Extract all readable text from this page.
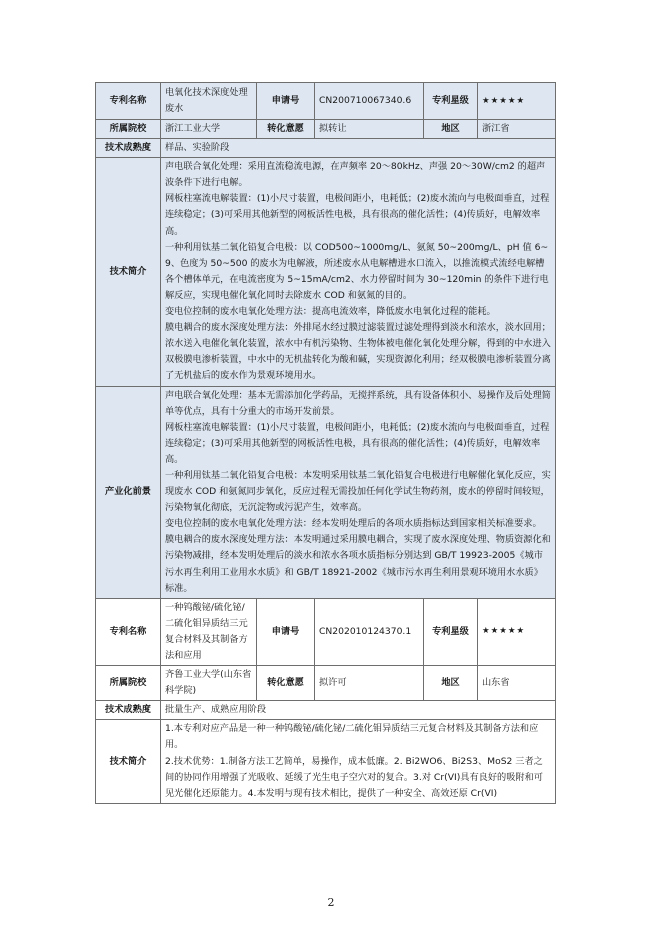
专利名称	电氧化技术深度处理废水	申请号	CN200710067340.6	专利星级	★★★★★
所属院校	浙江工业大学	转化意愿	拟转让	地区	浙江省
技术成熟度	样品、实验阶段				
技术简介	声电联合氧化处理：采用直流稳流电源，在声频率 20～80kHz、声强 20～30W/cm2 的超声波条件下进行电解。

网板柱塞流电解装置：(1)小尺寸装置，电极间距小，电耗低；(2)废水流向与电极面垂直，过程连续稳定；(3)可采用其他新型的网板活性电极，具有很高的催化活性；(4)传质好，电解效率高。

一种利用钛基二氧化铅复合电极：以 COD500~1000mg/L、氨氮 50~200mg/L、pH 值 6~9、色度为 50~500 的废水为电解液，所述废水从电解槽进水口流入，以推流模式流经电解槽各个槽体单元，在电流密度为 5~15mA/cm2、水力停留时间为 30~120min 的条件下进行电解反应，实现电催化氧化同时去除废水 COD 和氨氮的目的。

变电位控制的废水电氧化处理方法：提高电流效率，降低废水电氧化过程的能耗。

膜电耦合的废水深度处理方法：外排尾水经过膜过滤装置过滤处理得到淡水和浓水，淡水回用；浓水送入电催化氧化装置，浓水中有机污染物、生物体被电催化氧化处理分解，得到的中水进入双极膜电渗析装置，中水中的无机盐转化为酸和碱，实现资源化利用；经双极膜电渗析装置分离了无机盐后的废水作为景观环境用水。				

产业化前景	声电联合氧化处理：基本无需添加化学药品，无搅拌系统，具有设备体积小、易操作及后处理简单等优点，具有十分重大的市场开发前景。

网板柱塞流电解装置：(1)小尺寸装置，电极间距小，电耗低；(2)废水流向与电极面垂直，过程连续稳定；(3)可采用其他新型的网板活性电极，具有很高的催化活性；(4)传质好，电解效率高。

一种利用钛基二氧化铅复合电极：本发明采用钛基二氧化铅复合电极进行电解催化氧化反应，实现废水 COD 和氨氮同步氧化，反应过程无需投加任何化学试生物药剂，废水的停留时间较短，污染物氧化彻底，无沉淀物或污泥产生，效率高。

变电位控制的废水电氧化处理方法：经本发明处理后的各项水质指标达到国家相关标准要求。

膜电耦合的废水深度处理方法：本发明通过采用膜电耦合，实现了废水深度处理、物质资源化和污染物减排，经本发明处理后的淡水和浓水各项水质指标分别达到 GB/T 19923-2005《城市污水再生利用工业用水水质》和 GB/T 18921-2002《城市污水再生利用景观环境用水水质》标准。				

专利名称	一种钨酸铋/硫化铋/二硫化钼异质结三元复合材料及其制备方法和应用	申请号	CN202010124370.1	专利星级	★★★★★
所属院校	齐鲁工业大学(山东省科学院)	转化意愿	拟许可	地区	山东省
技术成熟度	批量生产、成熟应用阶段				
技术简介	1.本专利对应产品是一种一种钨酸铋/硫化铋/二硫化钼异质结三元复合材料及其制备方法和应用。

2.技术优势：1.制备方法工艺简单，易操作，成本低廉。2. Bi2WO6、Bi2S3、MoS2 三者之间的协同作用增强了光吸收、延缓了光生电子空穴对的复合。3.对 Cr(VI)具有良好的吸附和可见光催化还原能力。4.本发明与现有技术相比，提供了一种安全、高效还原 Cr(VI)				

2
